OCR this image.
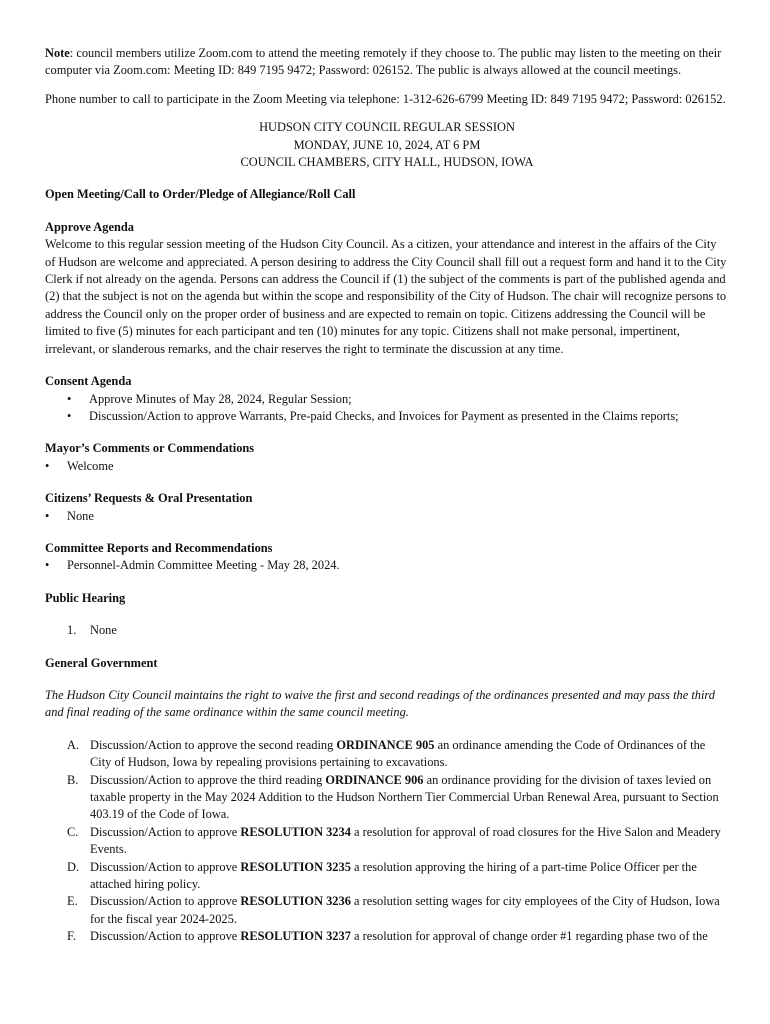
Note: council members utilize Zoom.com to attend the meeting remotely if they choose to. The public may listen to the meeting on their computer via Zoom.com: Meeting ID: 849 7195 9472; Password: 026152. The public is always allowed at the council meetings.

Phone number to call to participate in the Zoom Meeting via telephone: 1-312-626-6799 Meeting ID: 849 7195 9472; Password: 026152.

HUDSON CITY COUNCIL REGULAR SESSION

MONDAY, JUNE 10, 2024, AT 6 PM

COUNCIL CHAMBERS, CITY HALL, HUDSON, IOWA

Open Meeting/Call to Order/Pledge of Allegiance/Roll Call

Approve Agenda

Welcome to this regular session meeting of the Hudson City Council. As a citizen, your attendance and interest in the affairs of the City of Hudson are welcome and appreciated. A person desiring to address the City Council shall fill out a request form and hand it to the City Clerk if not already on the agenda. Persons can address the Council if (1) the subject of the comments is part of the published agenda and (2) that the subject is not on the agenda but within the scope and responsibility of the City of Hudson. The chair will recognize persons to address the Council only on the proper order of business and are expected to remain on topic. Citizens addressing the Council will be limited to five (5) minutes for each participant and ten (10) minutes for any topic. Citizens shall not make personal, impertinent, irrelevant, or slanderous remarks, and the chair reserves the right to terminate the discussion at any time.

Consent Agenda

•	Approve Minutes of May 28, 2024, Regular Session;
•	Discussion/Action to approve Warrants, Pre-paid Checks, and Invoices for Payment as presented in the Claims reports;

Mayor’s Comments or Commendations

•	Welcome

Citizens’ Requests & Oral Presentation

•	None

Committee Reports and Recommendations

•	Personnel-Admin Committee Meeting - May 28, 2024.

Public Hearing

1.	None

General Government

The Hudson City Council maintains the right to waive the first and second readings of the ordinances presented and may pass the third and final reading of the same ordinance within the same council meeting.

A. Discussion/Action to approve the second reading ORDINANCE 905 an ordinance amending the Code of Ordinances of the City of Hudson, Iowa by repealing provisions pertaining to excavations.
B. Discussion/Action to approve the third reading ORDINANCE 906 an ordinance providing for the division of taxes levied on taxable property in the May 2024 Addition to the Hudson Northern Tier Commercial Urban Renewal Area, pursuant to Section 403.19 of the Code of Iowa.
C. Discussion/Action to approve RESOLUTION 3234 a resolution for approval of road closures for the Hive Salon and Meadery Events.
D. Discussion/Action to approve RESOLUTION 3235 a resolution approving the hiring of a part-time Police Officer per the attached hiring policy.
E. Discussion/Action to approve RESOLUTION 3236 a resolution setting wages for city employees of the City of Hudson, Iowa for the fiscal year 2024-2025.
F.	Discussion/Action to approve RESOLUTION 3237 a resolution for approval of change order #1 regarding phase two of the
